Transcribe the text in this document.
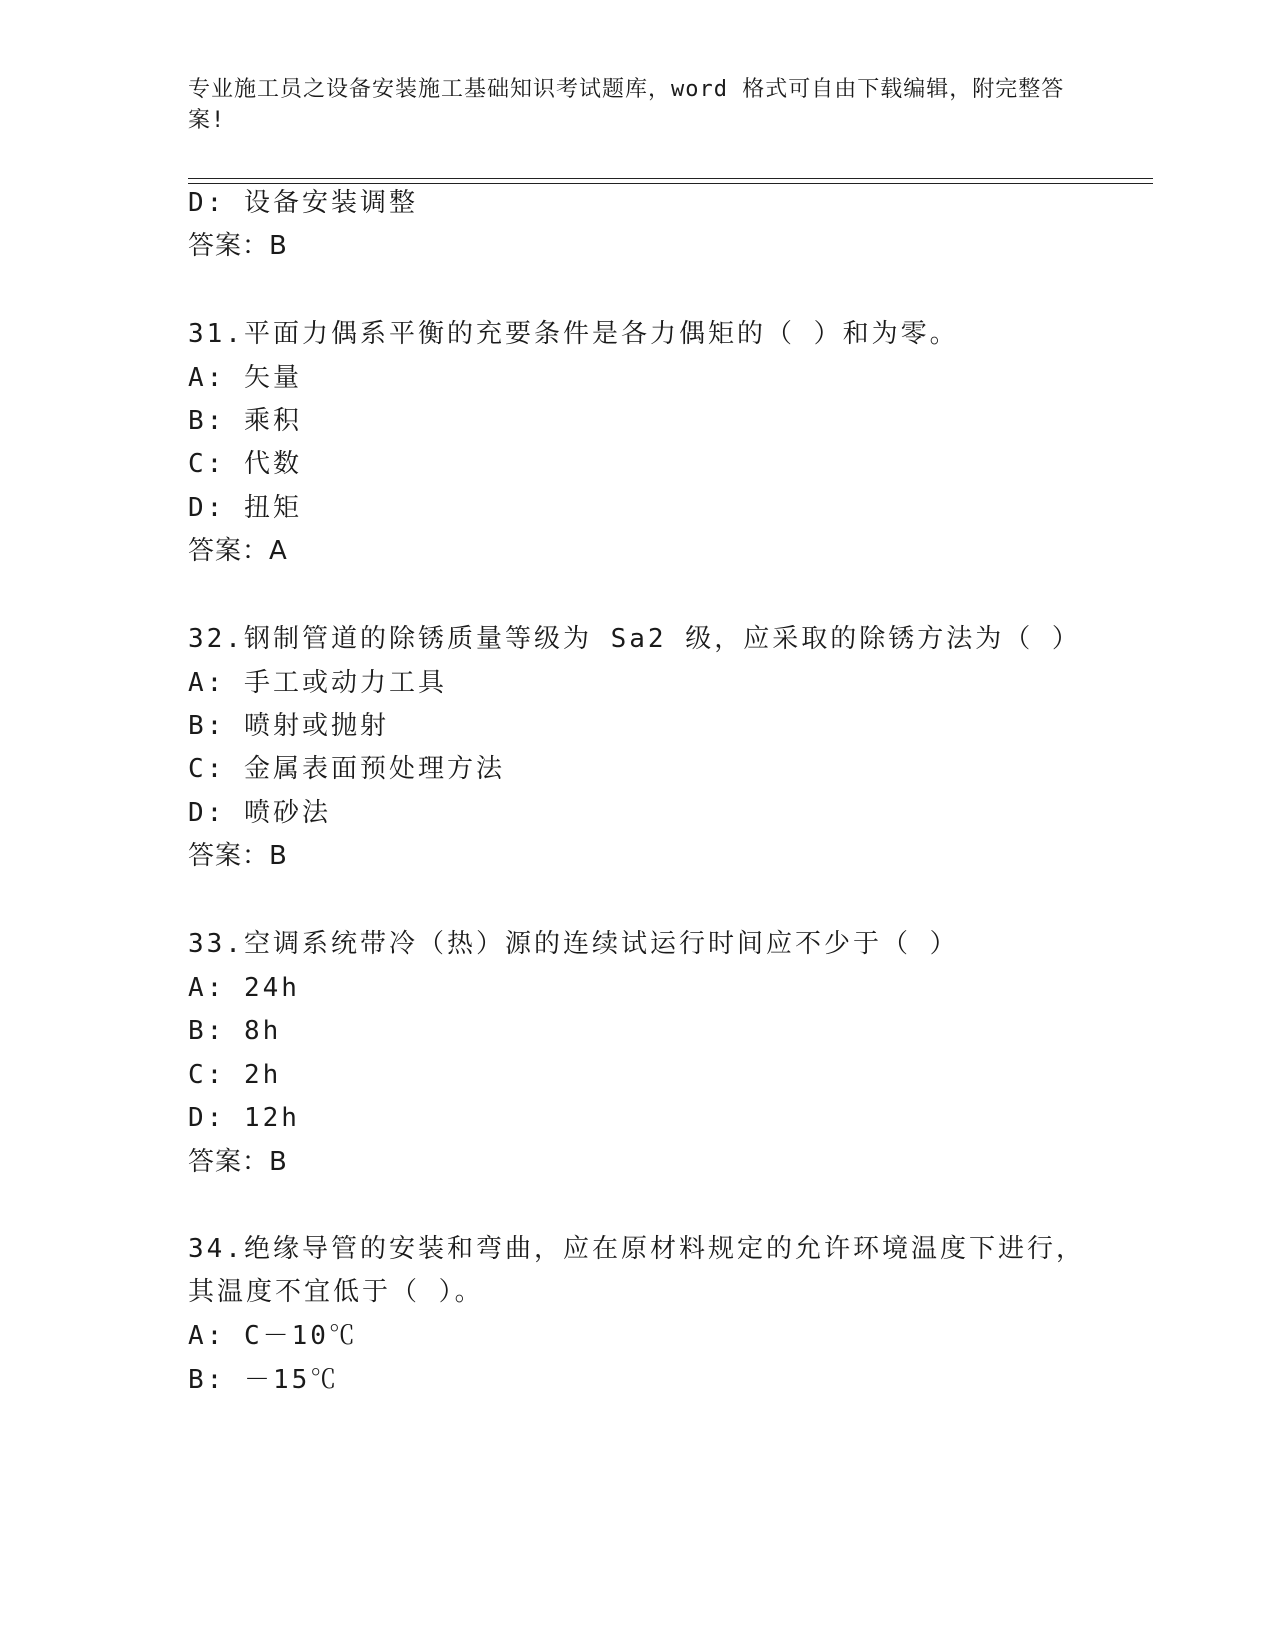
专业施工员之设备安装施工基础知识考试题库，word 格式可自由下载编辑，附完整答案!
D: 设备安装调整
答案：B
31.平面力偶系平衡的充要条件是各力偶矩的（ ）和为零。
A: 矢量
B: 乘积
C: 代数
D: 扭矩
答案：A
32.钢制管道的除锈质量等级为 Sa2 级，应采取的除锈方法为（ ）
A: 手工或动力工具
B: 喷射或抛射
C: 金属表面预处理方法
D: 喷砂法
答案：B
33.空调系统带冷（热）源的连续试运行时间应不少于（ ）
A: 24h
B: 8h
C: 2h
D: 12h
答案：B
34.绝缘导管的安装和弯曲，应在原材料规定的允许环境温度下进行，
其温度不宜低于（ ）。
A: C－10℃
B: －15℃
